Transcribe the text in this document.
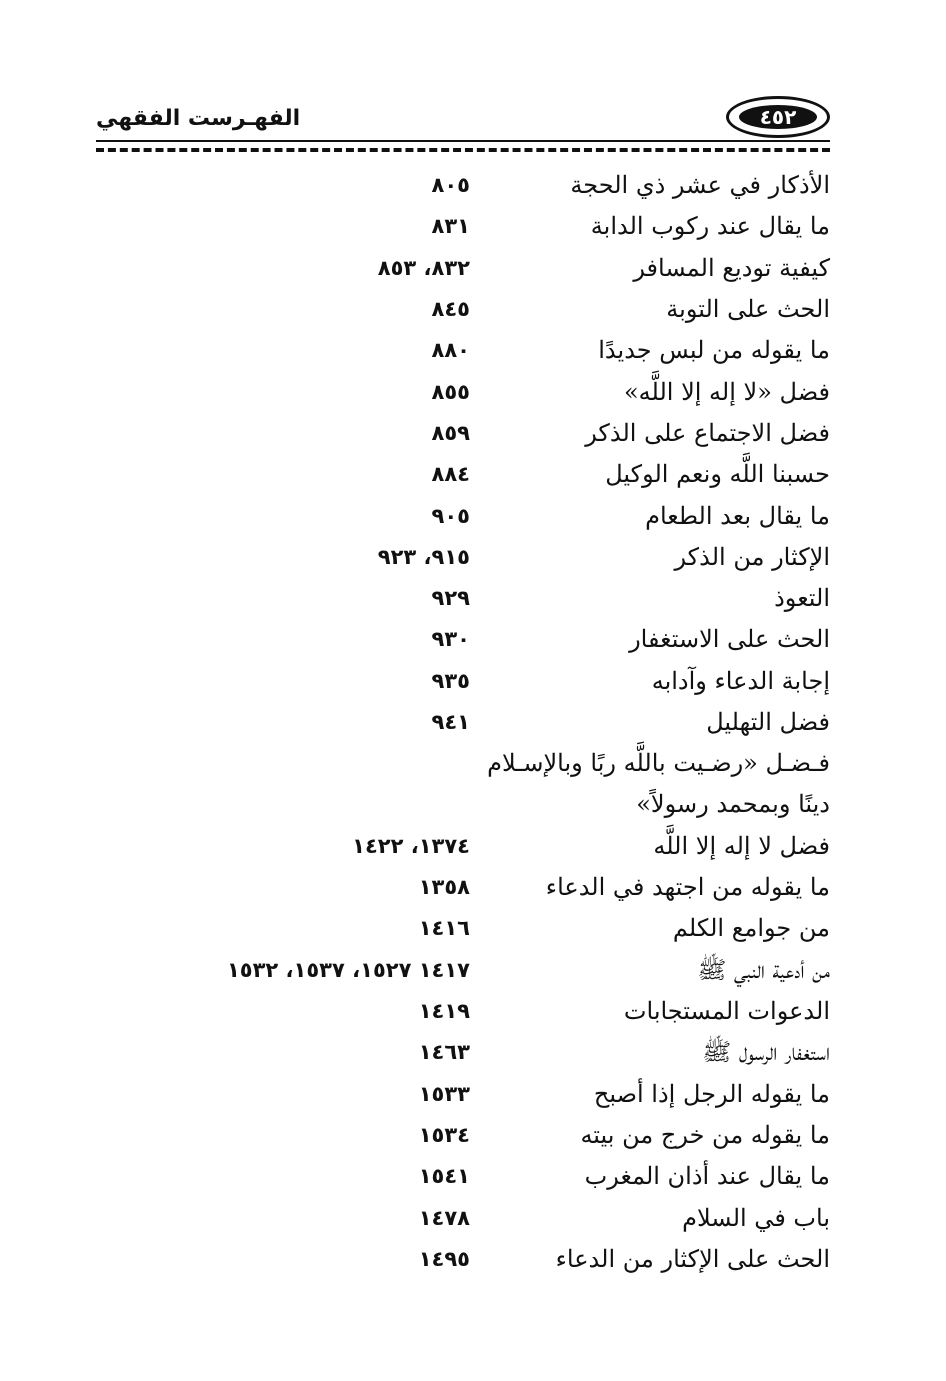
الفهـرست الفقهي	٤٥٢
الأذكار في عشر ذي الحجة
٨٠٥
ما يقال عند ركوب الدابة
٨٣١
كيفية توديع المسافر
٨٣٢، ٨٥٣
الحث على التوبة
٨٤٥
ما يقوله من لبس جديدًا
٨٨٠
فضل «لا إله إلا اللَّه»
٨٥٥
فضل الاجتماع على الذكر
٨٥٩
حسبنا اللَّه ونعم الوكيل
٨٨٤
ما يقال بعد الطعام
٩٠٥
الإكثار من الذكر
٩١٥، ٩٢٣
التعوذ
٩٢٩
الحث على الاستغفار
٩٣٠
إجابة الدعاء وآدابه
٩٣٥
فضل التهليل
٩٤١
فـضـل «رضـيت باللَّه ربًا وبالإسـلام دينًا وبمحمد رسولاً»
فضل لا إله إلا اللَّه
١٣٧٤، ١٤٢٢
ما يقوله من اجتهد في الدعاء
١٣٥٨
من جوامع الكلم
١٤١٦
من أدعية النبي ﷺ
١٤١٧ ١٥٢٧، ١٥٣٧، ١٥٣٢
الدعوات المستجابات
١٤١٩
استغفار الرسول ﷺ
١٤٦٣
ما يقوله الرجل إذا أصبح
١٥٣٣
ما يقوله من خرج من بيته
١٥٣٤
ما يقال عند أذان المغرب
١٥٤١
باب في السلام
١٤٧٨
الحث على الإكثار من الدعاء
١٤٩٥
